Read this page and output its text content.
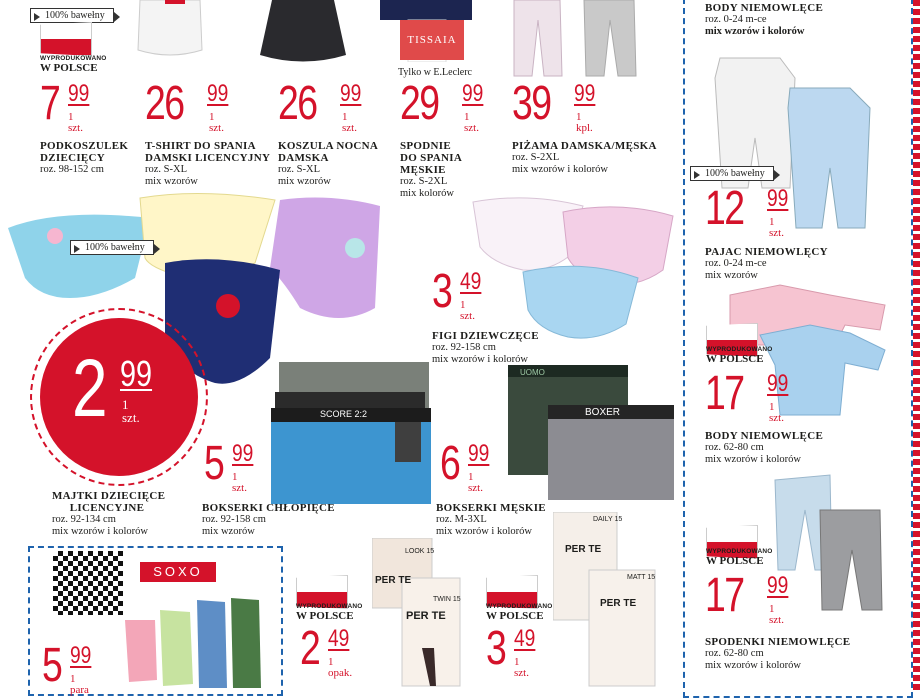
TISSAIA
Tylko w E.Leclerc
100% bawełny
WYPRODUKOWANO
W POLSCE
7 99
1 szt.
PODKOSZULEK
DZIECIĘCY
roz. 98-152 cm
26 99
1 szt.
T-SHIRT DO SPANIA
DAMSKI LICENCYJNY
roz. S-XL
mix wzorów
26 99
1 szt.
KOSZULA NOCNA
DAMSKA
roz. S-XL
mix wzorów
29 99
1 szt.
SPODNIE
DO SPANIA
MĘSKIE
roz. S-2XL
mix kolorów
39 99
1 kpl.
PIŻAMA DAMSKA/MĘSKA
roz. S-2XL
mix wzorów i kolorów
100% bawełny
2 99
1 szt.
MAJTKI DZIECIĘCE
LICENCYJNE
roz. 92-134 cm
mix wzorów i kolorów
3 49
1 szt.
FIGI DZIEWCZĘCE
roz. 92-158 cm
mix wzorów i kolorów
SCORE 2:2
5 99
1 szt.
BOKSERKI CHŁOPIĘCE
roz. 92-158 cm
mix wzorów
UOMO
BOXER
6 99
1 szt.
BOKSERKI MĘSKIE
roz. M-3XL
mix wzorów i kolorów
SOXO
5 99
1 para
WYPRODUKOWANO
W POLSCE
LOOK 15
PER TE
TWIN 15
PER TE
2 49
1 opak.
WYPRODUKOWANO
W POLSCE
DAILY 15
PER TE
MATT 15
PER TE
3 49
1 szt.
BODY NIEMOWLĘCE
roz. 0-24 m-ce
mix wzorów i kolorów
100% bawełny
12 99
1 szt.
PAJAC NIEMOWLĘCY
roz. 0-24 m-ce
mix wzorów
WYPRODUKOWANO
W POLSCE
17 99
1 szt.
BODY NIEMOWLĘCE
roz. 62-80 cm
mix wzorów i kolorów
WYPRODUKOWANO
W POLSCE
17 99
1 szt.
SPODENKI NIEMOWLĘCE
roz. 62-80 cm
mix wzorów i kolorów
